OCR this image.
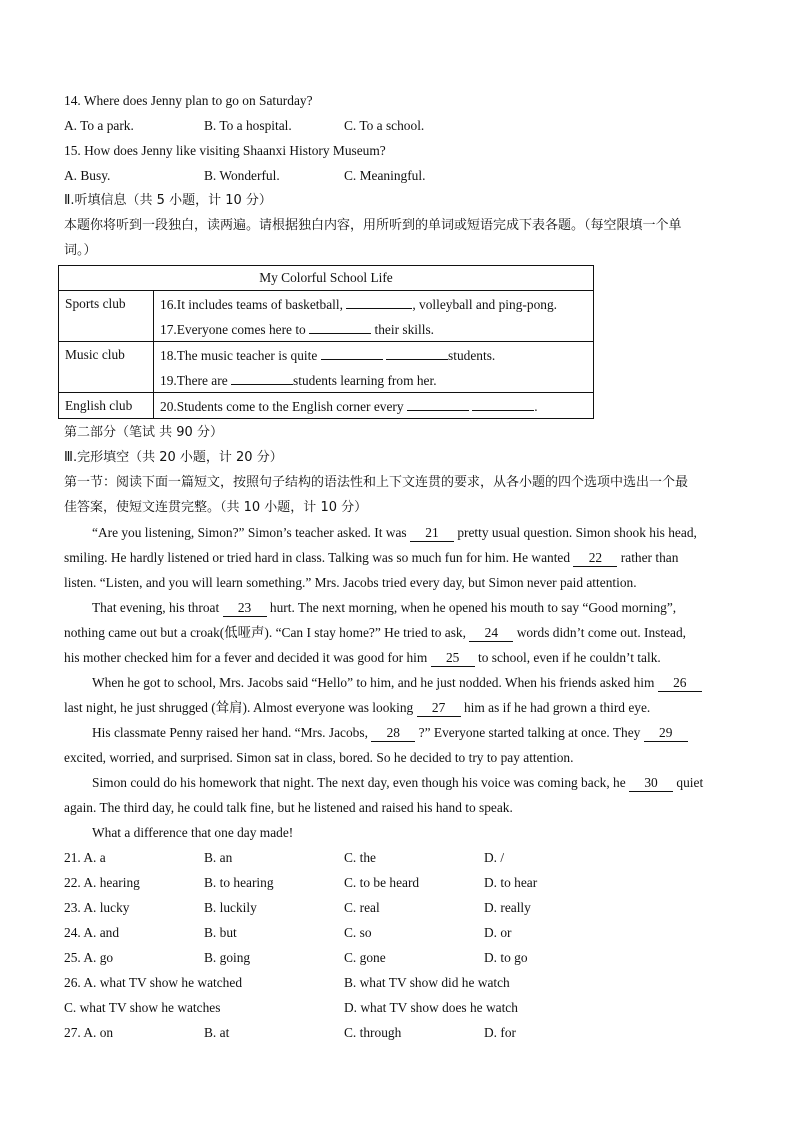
14. Where does Jenny plan to go on Saturday?
A. To a park.	B. To a hospital.	C. To a school.
15. How does Jenny like visiting Shaanxi History Museum?
A. Busy.	B. Wonderful.	C. Meaningful.
Ⅱ.听填信息（共 5 小题，计 10 分）
本题你将听到一段独白，读两遍。请根据独白内容，用所听到的单词或短语完成下表各题。（每空限填一个单
词。）
My Colorful School Life	
Sports club	16.It includes teams of basketball, , volleyball and ping-pong.
17.Everyone comes here to their skills.

Music club	18.The music teacher is quite students.
19.There are students learning from her.

English club	20.Students come to the English corner every .
第二部分（笔试 共 90 分）
Ⅲ.完形填空（共 20 小题，计 20 分）
第一节：阅读下面一篇短文，按照句子结构的语法性和上下文连贯的要求，从各小题的四个选项中选出一个最
佳答案，使短文连贯完整。（共 10 小题，计 10 分）
“Are you listening, Simon?” Simon’s teacher asked. It was 21 pretty usual question. Simon shook his head,
smiling. He hardly listened or tried hard in class. Talking was so much fun for him. He wanted 22 rather than
listen. “Listen, and you will learn something.” Mrs. Jacobs tried every day, but Simon never paid attention.
That evening, his throat 23 hurt. The next morning, when he opened his mouth to say “Good morning”,
nothing came out but a croak(低哑声). “Can I stay home?” He tried to ask, 24 words didn’t come out. Instead,
his mother checked him for a fever and decided it was good for him 25 to school, even if he couldn’t talk.
When he got to school, Mrs. Jacobs said “Hello” to him, and he just nodded. When his friends asked him 26
last night, he just shrugged (耸肩). Almost everyone was looking 27 him as if he had grown a third eye.
His classmate Penny raised her hand. “Mrs. Jacobs, 28 ?” Everyone started talking at once. They 29
excited, worried, and surprised. Simon sat in class, bored. So he decided to try to pay attention.
Simon could do his homework that night. The next day, even though his voice was coming back, he 30 quiet
again. The third day, he could talk fine, but he listened and raised his hand to speak.
What a difference that one day made!
21. A. a	B. an	C. the	D. /
22. A. hearing	B. to hearing	C. to be heard	D. to hear
23. A. lucky	B. luckily	C. real	D. really
24. A. and	B. but	C. so	D. or
25. A. go	B. going	C. gone	D. to go
26. A. what TV show he watched	B. what TV show did he watch
C. what TV show he watches	D. what TV show does he watch
27. A. on	B. at	C. through	D. for
